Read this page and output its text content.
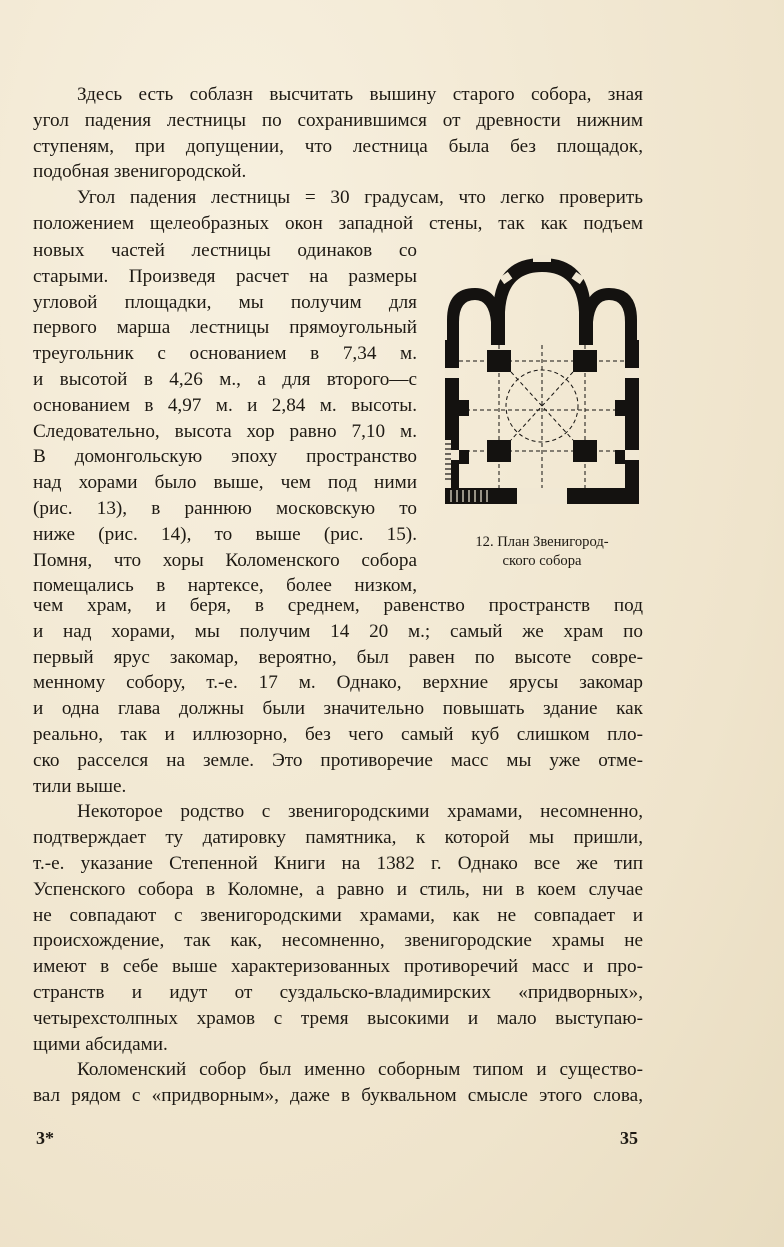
Здесь есть соблазн высчитать вышину старого собора, зная
угол падения лестницы по сохранившимся от древности нижним
ступеням, при допущении, что лестница была без площадок,
подобная звенигородской.
Угол падения лестницы = 30 градусам, что легко проверить
положением щелеобразных окон западной стены, так как подъем
новых частей лестницы одинаков со
старыми. Произведя расчет на размеры
угловой площадки, мы получим для
первого марша лестницы прямоугольный
треугольник с основанием в 7,34 м.
и высотой в 4,26 м., а для второго—с
основанием в 4,97 м. и 2,84 м. высоты.
Следовательно, высота хор равно 7,10 м.
В домонгольскую эпоху пространство
над хорами было выше, чем под ними
(рис. 13), в раннюю московскую то
ниже (рис. 14), то выше (рис. 15).
Помня, что хоры Коломенского собора
помещались в нартексе, более низком,
12. План Звенигород-
ского собора
чем храм, и беря, в среднем, равенство пространств под
и над хорами, мы получим 14 20 м.; самый же храм по
первый ярус закомар, вероятно, был равен по высоте совре-
менному собору, т.-е. 17 м. Однако, верхние ярусы закомар
и одна глава должны были значительно повышать здание как
реально, так и иллюзорно, без чего самый куб слишком пло-
ско расселся на земле. Это противоречие масс мы уже отме-
тили выше.
Некоторое родство с звенигородскими храмами, несомненно,
подтверждает ту датировку памятника, к которой мы пришли,
т.-е. указание Степенной Книги на 1382 г. Однако все же тип
Успенского собора в Коломне, а равно и стиль, ни в коем случае
не совпадают с звенигородскими храмами, как не совпадает и
происхождение, так как, несомненно, звенигородские храмы не
имеют в себе выше характеризованных противоречий масс и про-
странств и идут от суздальско-владимирских «придворных»,
четырехстолпных храмов с тремя высокими и мало выступаю-
щими абсидами.
Коломенский собор был именно соборным типом и существо-
вал рядом с «придворным», даже в буквальном смысле этого слова,
3*	35
